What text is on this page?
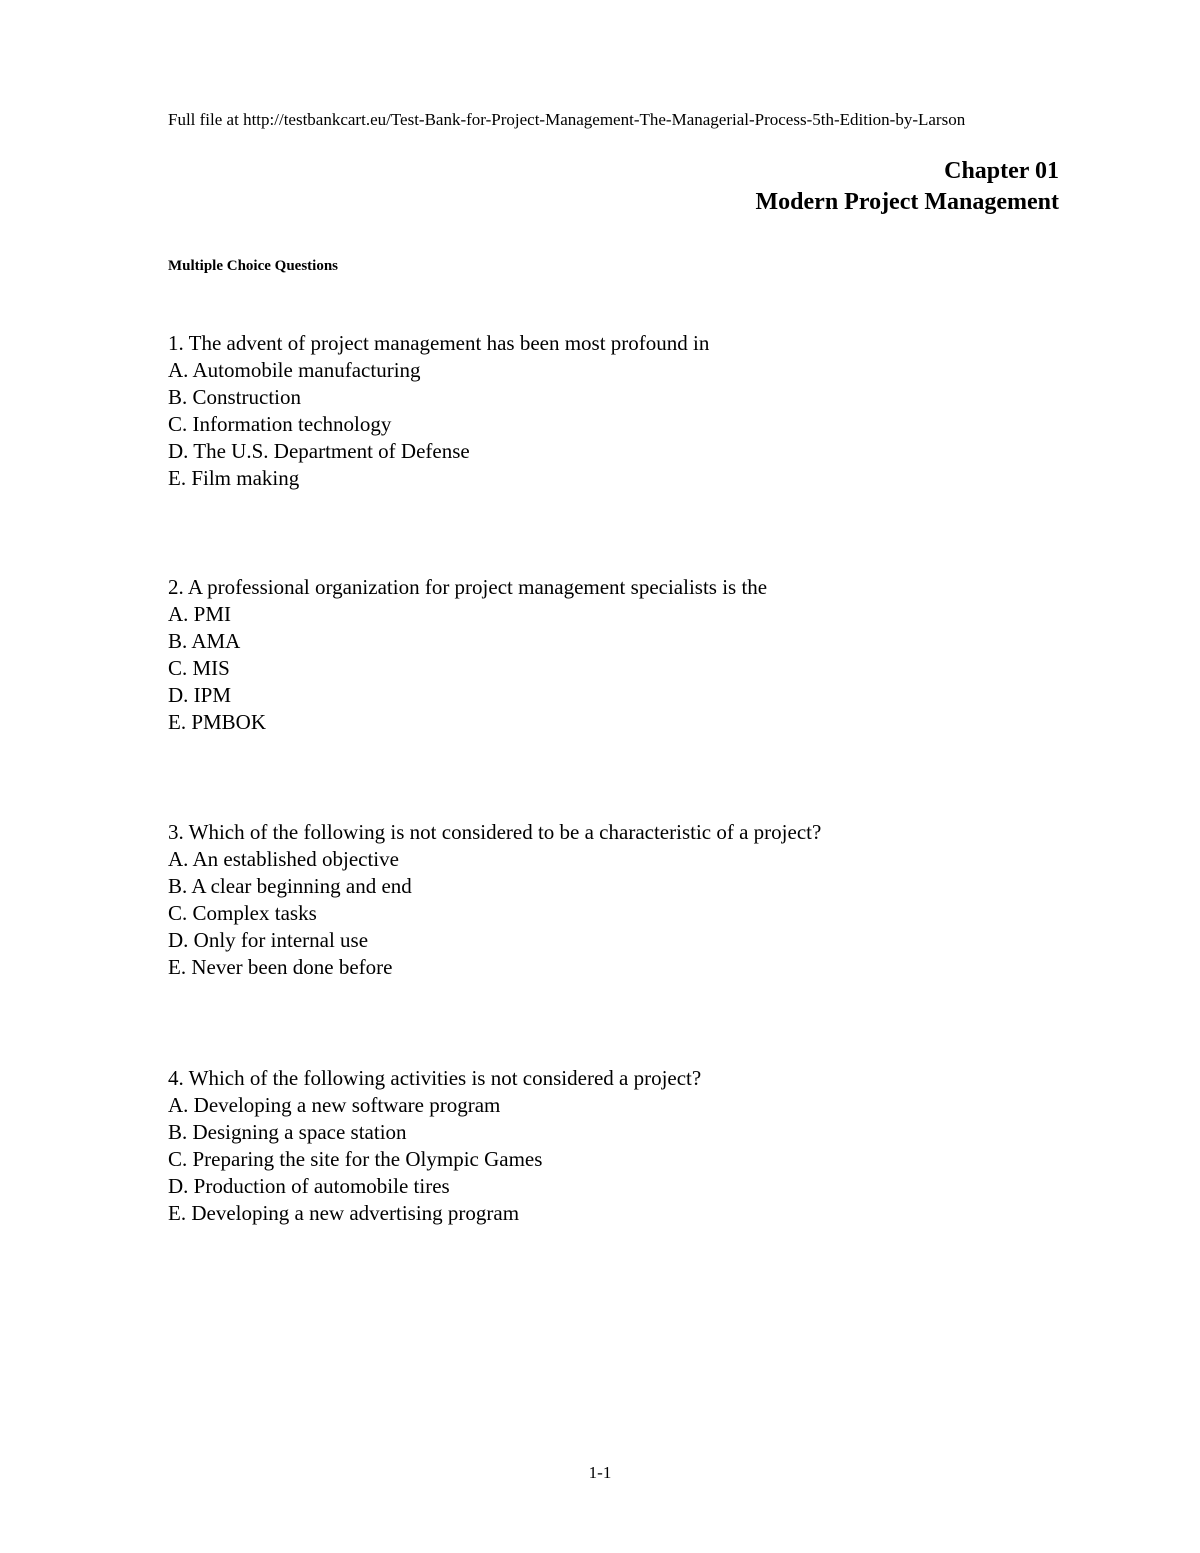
Full file at http://testbankcart.eu/Test-Bank-for-Project-Management-The-Managerial-Process-5th-Edition-by-Larson
Chapter 01
Modern Project Management
Multiple Choice Questions
1. The advent of project management has been most profound in
A. Automobile manufacturing
B. Construction
C. Information technology
D. The U.S. Department of Defense
E. Film making
2. A professional organization for project management specialists is the
A. PMI
B. AMA
C. MIS
D. IPM
E. PMBOK
3. Which of the following is not considered to be a characteristic of a project?
A. An established objective
B. A clear beginning and end
C. Complex tasks
D. Only for internal use
E. Never been done before
4. Which of the following activities is not considered a project?
A. Developing a new software program
B. Designing a space station
C. Preparing the site for the Olympic Games
D. Production of automobile tires
E. Developing a new advertising program
1-1
